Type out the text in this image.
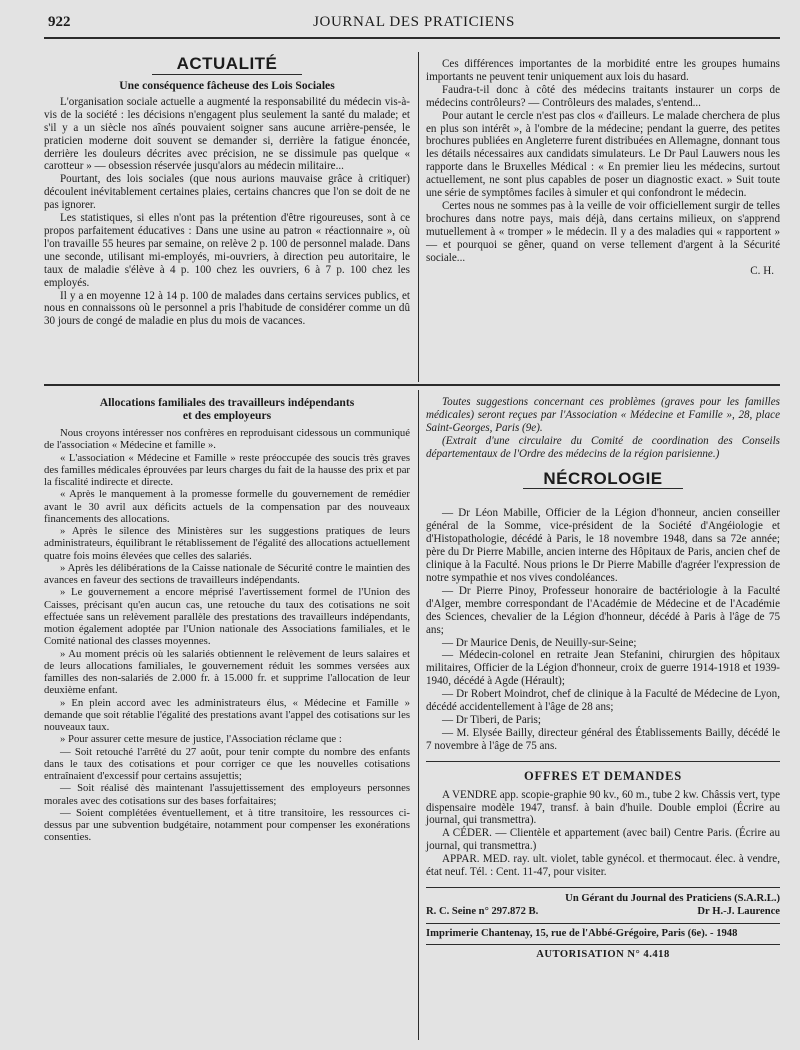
922	JOURNAL DES PRATICIENS
ACTUALITÉ
Une conséquence fâcheuse des Lois Sociales

L'organisation sociale actuelle a augmenté la responsabilité du médecin vis-à-vis de la société : les décisions n'engagent plus seulement la santé du malade; et s'il y a un siècle nos aînés pouvaient soigner sans aucune arrière-pensée, le praticien moderne doit souvent se demander si, derrière la fatigue énoncée, derrière les douleurs décrites avec précision, ne se dissimule pas quelque « carotteur » — obsession réservée jusqu'alors au médecin militaire...

Pourtant, des lois sociales (que nous aurions mauvaise grâce à critiquer) découlent inévitablement certaines plaies, certains chancres que l'on se doit de ne pas ignorer.

Les statistiques, si elles n'ont pas la prétention d'être rigoureuses, sont à ce propos parfaitement éducatives : Dans une usine au patron « réactionnaire », où l'on travaille 55 heures par semaine, on relève 2 p. 100 de personnel malade. Dans une seconde, utilisant mi-employés, mi-ouvriers, à direction peu autoritaire, le taux de maladie s'élève à 4 p. 100 chez les ouvriers, 6 à 7 p. 100 chez les employés.

Il y a en moyenne 12 à 14 p. 100 de malades dans certains services publics, et nous en connaissons où le personnel a pris l'habitude de considérer comme un dû 30 jours de congé de maladie en plus du mois de vacances.

Ces différences importantes de la morbidité entre les groupes humains importants ne peuvent tenir uniquement aux lois du hasard.

Faudra-t-il donc à côté des médecins traitants instaurer un corps de médecins contrôleurs? — Contrôleurs des malades, s'entend...

Pour autant le cercle n'est pas clos « d'ailleurs. Le malade cherchera de plus en plus son intérêt », à l'ombre de la médecine; pendant la guerre, des petites brochures publiées en Angleterre furent distribuées en Allemagne, donnant tous les détails nécessaires aux candidats simulateurs. Le Dr Paul Lauwers nous les rapporte dans le Bruxelles Médical : « En premier lieu les médecins, surtout actuellement, ne sont plus capables de poser un diagnostic exact. » Suit toute une série de symptômes faciles à simuler et qui confondront le médecin.

Certes nous ne sommes pas à la veille de voir officiellement surgir de telles brochures dans notre pays, mais déjà, dans certains milieux, on s'apprend mutuellement à « tromper » le médecin. Il y a des maladies qui « rapportent » — et pourquoi se gêner, quand on verse tellement d'argent à la Sécurité sociale...

C. H.
Allocations familiales des travailleurs indépendants
et des employeurs

Nous croyons intéresser nos confrères en reproduisant cidessous un communiqué de l'association « Médecine et famille ».

« L'association « Médecine et Famille » reste préoccupée des soucis très graves des familles médicales éprouvées par leurs charges du fait de la hausse des prix et par la fiscalité indirecte et directe.

« Après le manquement à la promesse formelle du gouvernement de remédier avant le 30 avril aux déficits actuels de la compensation par des nouveaux financements des allocations.

» Après le silence des Ministères sur les suggestions pratiques de leurs administrateurs, équilibrant le rétablissement de l'égalité des allocations actuellement quatre fois moins élevées que celles des salariés.

» Après les délibérations de la Caisse nationale de Sécurité contre le maintien des avances en faveur des sections de travailleurs indépendants.

» Le gouvernement a encore méprisé l'avertissement formel de l'Union des Caisses, précisant qu'en aucun cas, une retouche du taux des cotisations ne soit effectuée sans un relèvement parallèle des prestations des travailleurs indépendants, motion également adoptée par l'Union nationale des Associations familiales, et le Comité national des classes moyennes.

» Au moment précis où les salariés obtiennent le relèvement de leurs salaires et de leurs allocations familiales, le gouvernement réduit les sommes versées aux familles des non-salariés de 2.000 fr. à 15.000 fr. et supprime l'allocation de leur deuxième enfant.

» En plein accord avec les administrateurs élus, « Médecine et Famille » demande que soit rétablie l'égalité des prestations avant l'appel des cotisations sur les nouveaux taux.

» Pour assurer cette mesure de justice, l'Association réclame que :

— Soit retouché l'arrêté du 27 août, pour tenir compte du nombre des enfants dans le taux des cotisations et pour corriger ce que les nouvelles cotisations entraînaient d'excessif pour certains assujettis;

— Soit réalisé dès maintenant l'assujettissement des employeurs personnes morales avec des cotisations sur des bases forfaitaires;

— Soient complétées éventuellement, et à titre transitoire, les ressources ci-dessus par une subvention budgétaire, notamment pour compenser les exonérations consenties.

Toutes suggestions concernant ces problèmes (graves pour les familles médicales) seront reçues par l'Association « Médecine et Famille », 28, place Saint-Georges, Paris (9e).

(Extrait d'une circulaire du Comité de coordination des Conseils départementaux de l'Ordre des médecins de la région parisienne.)

NÉCROLOGIE

— Dr Léon Mabille, Officier de la Légion d'honneur, ancien conseiller général de la Somme, vice-président de la Société d'Angéiologie et d'Histopathologie, décédé à Paris, le 18 novembre 1948, dans sa 72e année; père du Dr Pierre Mabille, ancien interne des Hôpitaux de Paris, ancien chef de clinique à la Faculté. Nous prions le Dr Pierre Mabille d'agréer l'expression de notre sympathie et nos vives condoléances.

— Dr Pierre Pinoy, Professeur honoraire de bactériologie à la Faculté d'Alger, membre correspondant de l'Académie de Médecine et de l'Académie des Sciences, chevalier de la Légion d'honneur, décédé à Paris à l'âge de 75 ans;

— Dr Maurice Denis, de Neuilly-sur-Seine;

— Médecin-colonel en retraite Jean Stefanini, chirurgien des hôpitaux militaires, Officier de la Légion d'honneur, croix de guerre 1914-1918 et 1939-1940, décédé à Agde (Hérault);

— Dr Robert Moindrot, chef de clinique à la Faculté de Médecine de Lyon, décédé accidentellement à l'âge de 28 ans;

— Dr Tiberi, de Paris;

— M. Elysée Bailly, directeur général des Établissements Bailly, décédé le 7 novembre à l'âge de 75 ans.

OFFRES ET DEMANDES

A VENDRE app. scopie-graphie 90 kv., 60 m., tube 2 kw. Châssis vert, type dispensaire modèle 1947, transf. à bain d'huile. Double emploi (Écrire au journal, qui transmettra).

A CÉDER. — Clientèle et appartement (avec bail) Centre Paris. (Écrire au journal, qui transmettra.)

APPAR. MED. ray. ult. violet, table gynécol. et thermocaut. élec. à vendre, état neuf. Tél. : Cent. 11-47, pour visiter.

Un Gérant du Journal des Praticiens (S.A.R.L.)
R. C. Seine n° 297.872 B.	Dr H.-J. Laurence
Imprimerie Chantenay, 15, rue de l'Abbé-Grégoire, Paris (6e). - 1948
AUTORISATION N° 4.418
